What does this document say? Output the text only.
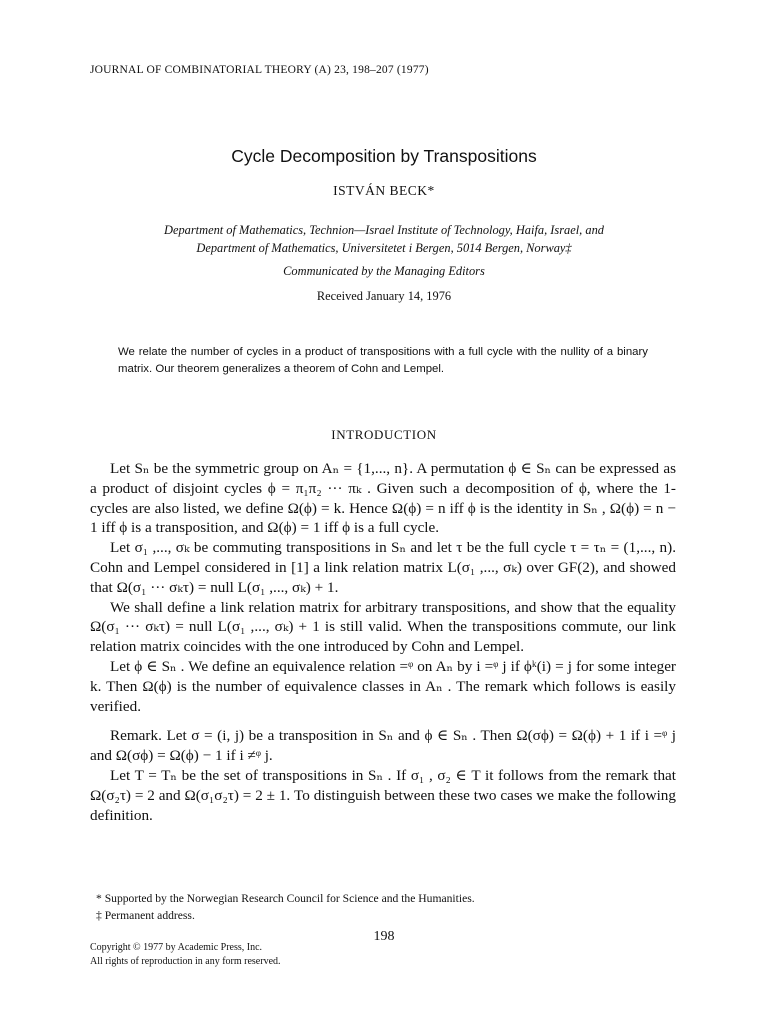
JOURNAL OF COMBINATORIAL THEORY (A) 23, 198–207 (1977)
Cycle Decomposition by Transpositions
ISTVÁN BECK*
Department of Mathematics, Technion—Israel Institute of Technology, Haifa, Israel, and
Department of Mathematics, Universitetet i Bergen, 5014 Bergen, Norway‡
Communicated by the Managing Editors
Received January 14, 1976
We relate the number of cycles in a product of transpositions with a full cycle with the nullity of a binary matrix. Our theorem generalizes a theorem of Cohn and Lempel.
INTRODUCTION

Let Sₙ be the symmetric group on Aₙ = {1,..., n}. A permutation ϕ ∈ Sₙ can be expressed as a product of disjoint cycles ϕ = π₁π₂ ··· πₖ . Given such a decomposition of ϕ, where the 1-cycles are also listed, we define Ω(ϕ) = k. Hence Ω(ϕ) = n iff ϕ is the identity in Sₙ , Ω(ϕ) = n − 1 iff ϕ is a transposition, and Ω(ϕ) = 1 iff ϕ is a full cycle.

Let σ₁ ,..., σₖ be commuting transpositions in Sₙ and let τ be the full cycle τ = τₙ = (1,..., n). Cohn and Lempel considered in [1] a link relation matrix L(σ₁ ,..., σₖ) over GF(2), and showed that Ω(σ₁ ··· σₖτ) = null L(σ₁ ,..., σₖ) + 1.

We shall define a link relation matrix for arbitrary transpositions, and show that the equality Ω(σ₁ ··· σₖτ) = null L(σ₁ ,..., σₖ) + 1 is still valid. When the transpositions commute, our link relation matrix coincides with the one introduced by Cohn and Lempel.

Let ϕ ∈ Sₙ . We define an equivalence relation =ᵠ on Aₙ by i =ᵠ j if ϕᵏ(i) = j for some integer k. Then Ω(ϕ) is the number of equivalence classes in Aₙ . The remark which follows is easily verified.

Remark. Let σ = (i, j) be a transposition in Sₙ and ϕ ∈ Sₙ . Then Ω(σϕ) = Ω(ϕ) + 1 if i =ᵠ j and Ω(σϕ) = Ω(ϕ) − 1 if i ≠ᵠ j.

Let T = Tₙ be the set of transpositions in Sₙ . If σ₁ , σ₂ ∈ T it follows from the remark that Ω(σ₂τ) = 2 and Ω(σ₁σ₂τ) = 2 ± 1. To distinguish between these two cases we make the following definition.

* Supported by the Norwegian Research Council for Science and the Humanities.
‡ Permanent address.
198
Copyright © 1977 by Academic Press, Inc.
All rights of reproduction in any form reserved.
